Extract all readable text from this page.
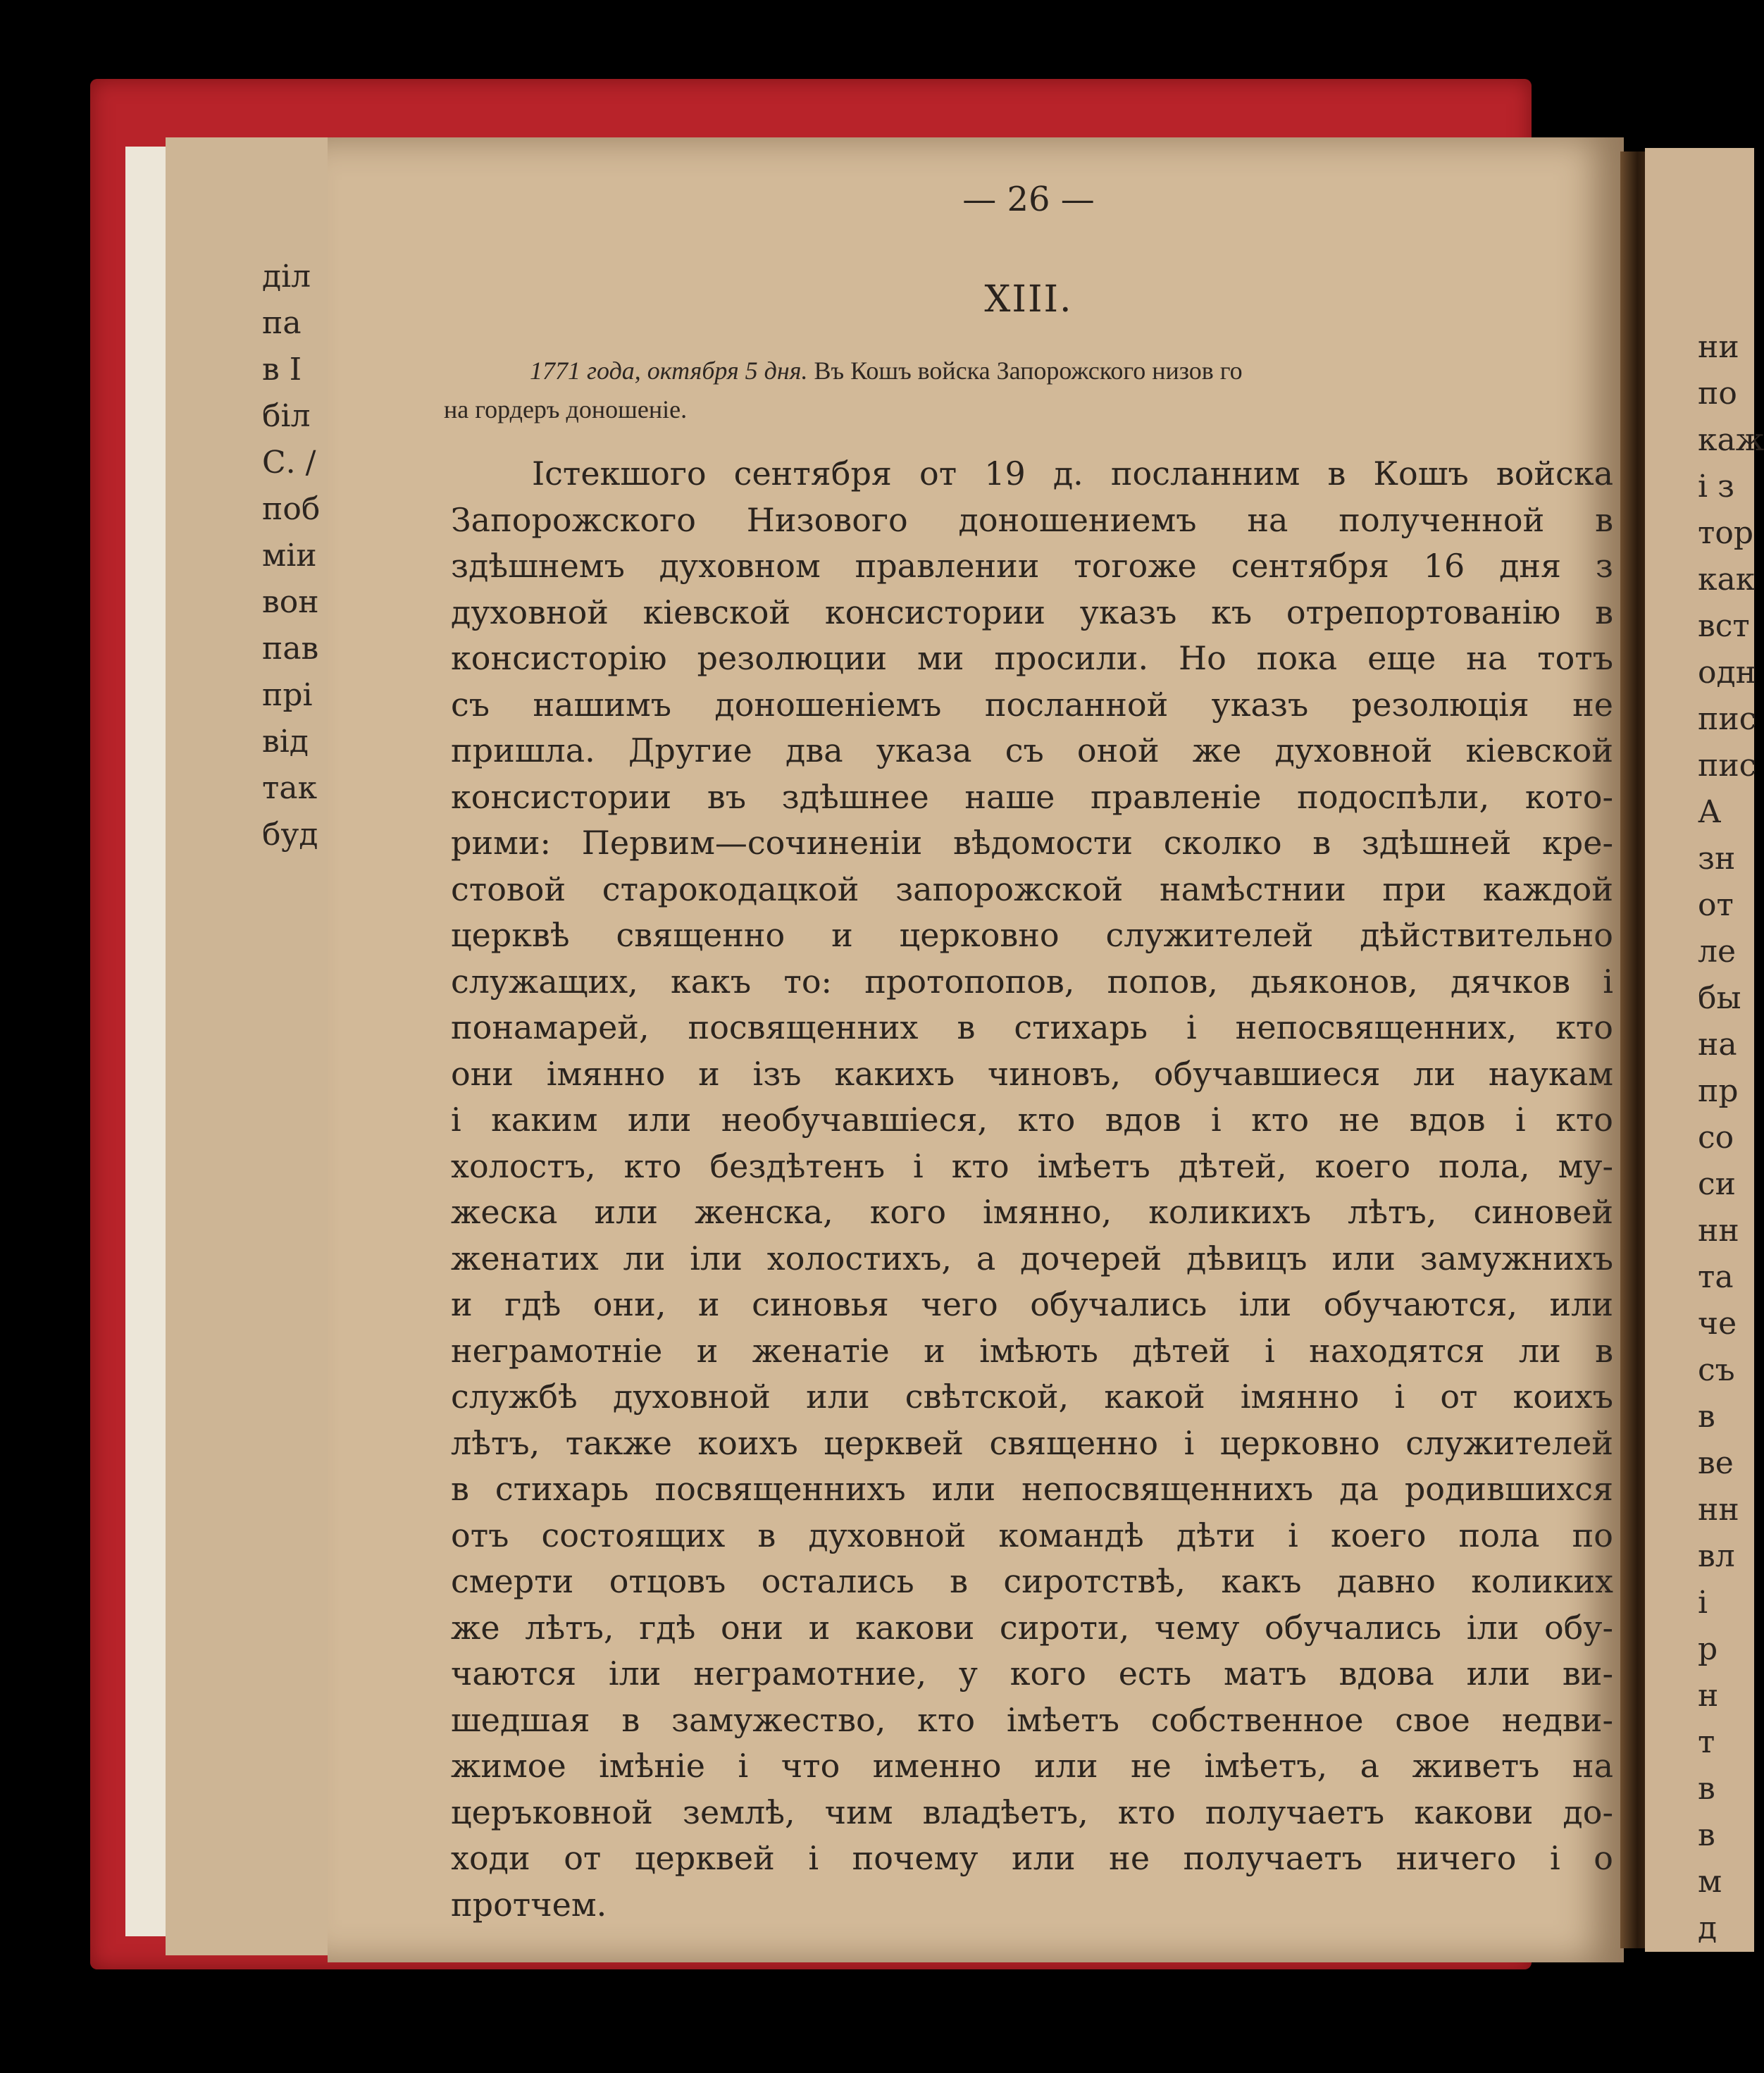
діл
па
в І
біл
С. /
поб
міи
вон
пав
прі
від
так
буд
ни
по
каж
і з
тор
как
вст
одн
пис
пис
А
зн
от
ле
бы
на
пр
со
си
нн
та
че
съ
в
ве
нн
вл
і
р
н
т
в
в
м
д
— 26 —
XIII.
1771 года, октября 5 дня. Въ Кошъ войска Запорожского низов го
на гордеръ доношеніе.
Істекшого сентября от 19 д. посланним в Кошъ войска
Запорожского Низового доношениемъ на полученной в
здѣшнемъ духовном правлении тогоже сентября 16 дня з
духовной кіевской консистории указъ къ отрепортованію в
консисторію резолюции ми просили. Но пока еще на тотъ
съ нашимъ доношеніемъ посланной указъ резолюція не
пришла. Другие два указа съ оной же духовной кіевской
консистории въ здѣшнее наше правленіе подоспѣли, кото-
рими: Первим—сочиненіи вѣдомости сколко в здѣшней кре-
стовой старокодацкой запорожской намѣстнии при каждой
церквѣ священно и церковно служителей дѣйствительно
служащих, какъ то: протопопов, попов, дьяконов, дячков і
понамарей, посвященних в стихарь і непосвященних, кто
они імянно и ізъ какихъ чиновъ, обучавшиеся ли наукам
і каким или необучавшіеся, кто вдов і кто не вдов і кто
холостъ, кто бездѣтенъ і кто імѣетъ дѣтей, коего пола, му-
жеска или женска, кого імянно, коликихъ лѣтъ, синовей
женатих ли іли холостихъ, а дочерей дѣвицъ или замужнихъ
и гдѣ они, и синовья чего обучались іли обучаются, или
неграмотніе и женатіе и імѣють дѣтей і находятся ли в
службѣ духовной или свѣтской, какой імянно і от коихъ
лѣтъ, также коихъ церквей священно і церковно служителей
в стихарь посвященнихъ или непосвященнихъ да родившихся
отъ состоящих в духовной командѣ дѣти і коего пола по
смерти отцовъ остались в сиротствѣ, какъ давно коликих
же лѣтъ, гдѣ они и какови сироти, чему обучались іли обу-
чаются іли неграмотние, у кого есть матъ вдова или ви-
шедшая в замужество, кто імѣетъ собственное свое недви-
жимое імѣніе і что именно или не імѣетъ, а живетъ на
церъковной землѣ, чим владѣетъ, кто получаетъ какови до-
ходи от церквей і почему или не получаетъ ничего і о
протчем.
